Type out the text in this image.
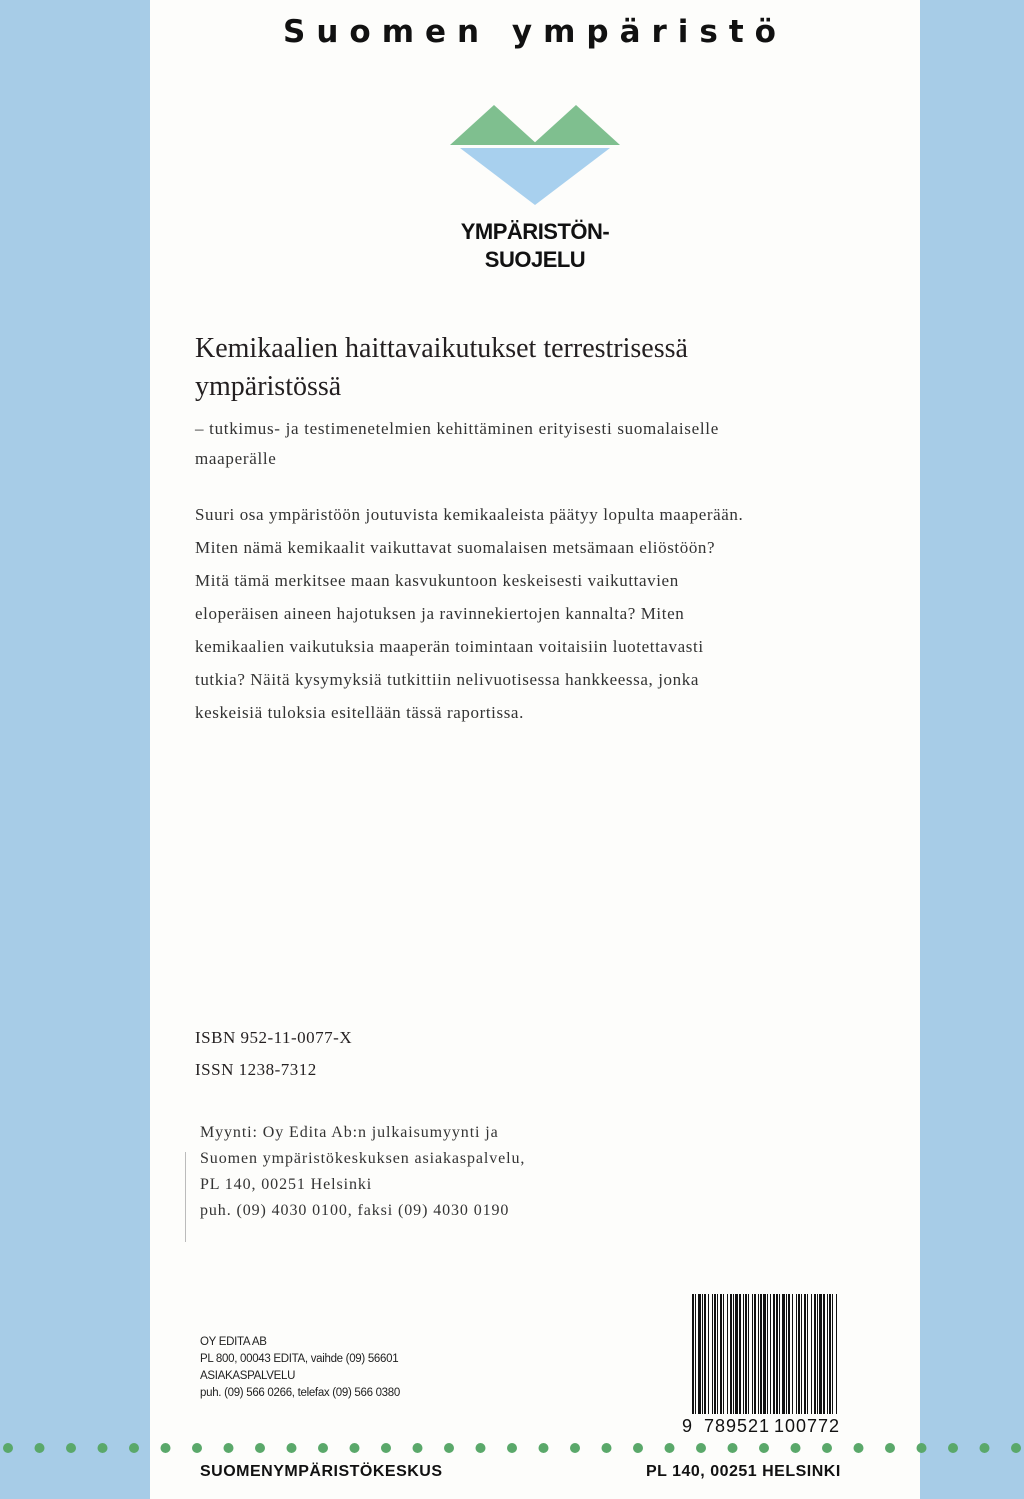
Suomen ympäristö
YMPÄRISTÖN-
SUOJELU
Kemikaalien haittavaikutukset terrestrisessä
ympäristössä
– tutkimus- ja testimenetelmien kehittäminen erityisesti suomalaiselle
maaperälle
Suuri osa ympäristöön joutuvista kemikaaleista päätyy lopulta maaperään.
Miten nämä kemikaalit vaikuttavat suomalaisen metsämaan eliöstöön?
Mitä tämä merkitsee maan kasvukuntoon keskeisesti vaikuttavien
eloperäisen aineen hajotuksen ja ravinnekiertojen kannalta? Miten
kemikaalien vaikutuksia maaperän toimintaan voitaisiin luotettavasti
tutkia? Näitä kysymyksiä tutkittiin nelivuotisessa hankkeessa, jonka
keskeisiä tuloksia esitellään tässä raportissa.
ISBN 952-11-0077-X
ISSN 1238-7312
Myynti: Oy Edita Ab:n julkaisumyynti ja
Suomen ympäristökeskuksen asiakaspalvelu,
PL 140, 00251 Helsinki
puh. (09) 4030 0100, faksi (09) 4030 0190
OY EDITA AB
PL 800, 00043 EDITA, vaihde (09) 56601
ASIAKASPALVELU
puh. (09) 566 0266, telefax (09) 566 0380
9 789521 100772
SUOMENYMPÄRISTÖKESKUS	PL 140, 00251 HELSINKI
